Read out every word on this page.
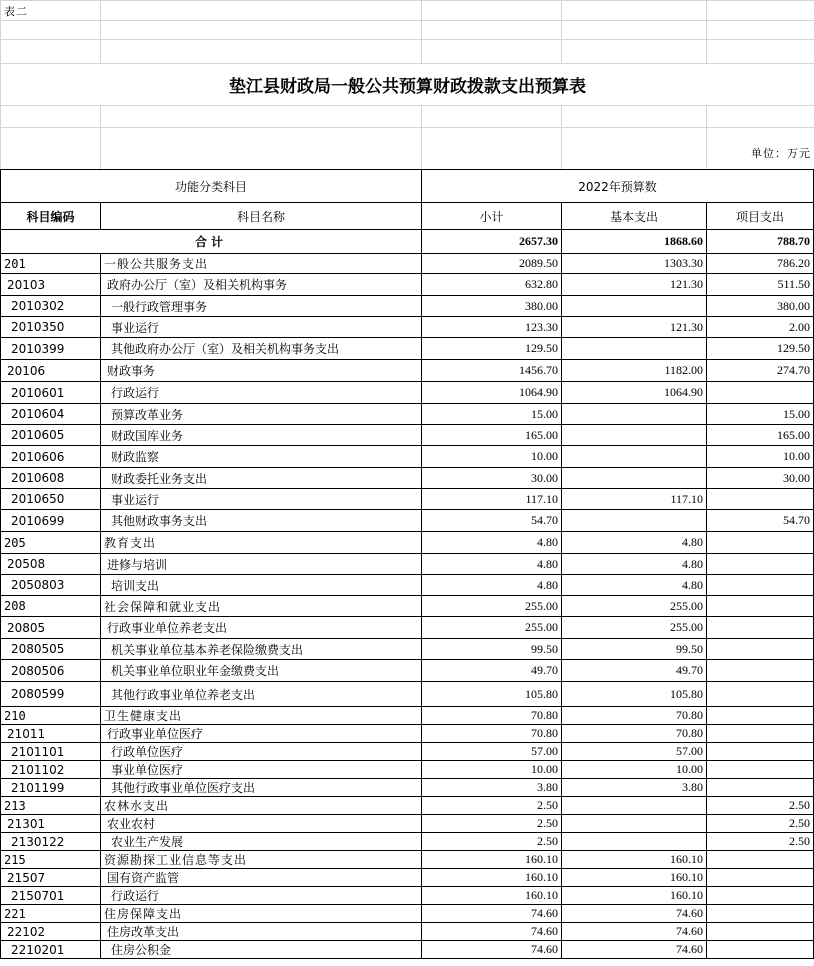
表二				

垫江县财政局一般公共预算财政拨款支出预算表				

				单位：万元
功能分类科目		2022年预算数		
科目编码	科目名称	小计	基本支出	项目支出
合计		2657.30	1868.60	788.70
201	一般公共服务支出	2089.50	1303.30	786.20
20103	政府办公厅（室）及相关机构事务	632.80	121.30	511.50
2010302	一般行政管理事务	380.00		380.00
2010350	事业运行	123.30	121.30	2.00
2010399	其他政府办公厅（室）及相关机构事务支出	129.50		129.50
20106	财政事务	1456.70	1182.00	274.70
2010601	行政运行	1064.90	1064.90	
2010604	预算改革业务	15.00		15.00
2010605	财政国库业务	165.00		165.00
2010606	财政监察	10.00		10.00
2010608	财政委托业务支出	30.00		30.00
2010650	事业运行	117.10	117.10	
2010699	其他财政事务支出	54.70		54.70
205	教育支出	4.80	4.80	
20508	进修与培训	4.80	4.80	
2050803	培训支出	4.80	4.80	
208	社会保障和就业支出	255.00	255.00	
20805	行政事业单位养老支出	255.00	255.00	
2080505	机关事业单位基本养老保险缴费支出	99.50	99.50	
2080506	机关事业单位职业年金缴费支出	49.70	49.70	
2080599	其他行政事业单位养老支出	105.80	105.80	
210	卫生健康支出	70.80	70.80	
21011	行政事业单位医疗	70.80	70.80	
2101101	行政单位医疗	57.00	57.00	
2101102	事业单位医疗	10.00	10.00	
2101199	其他行政事业单位医疗支出	3.80	3.80	
213	农林水支出	2.50		2.50
21301	农业农村	2.50		2.50
2130122	农业生产发展	2.50		2.50
215	资源勘探工业信息等支出	160.10	160.10	
21507	国有资产监管	160.10	160.10	
2150701	行政运行	160.10	160.10	
221	住房保障支出	74.60	74.60	
22102	住房改革支出	74.60	74.60	
2210201	住房公积金	74.60	74.60	
